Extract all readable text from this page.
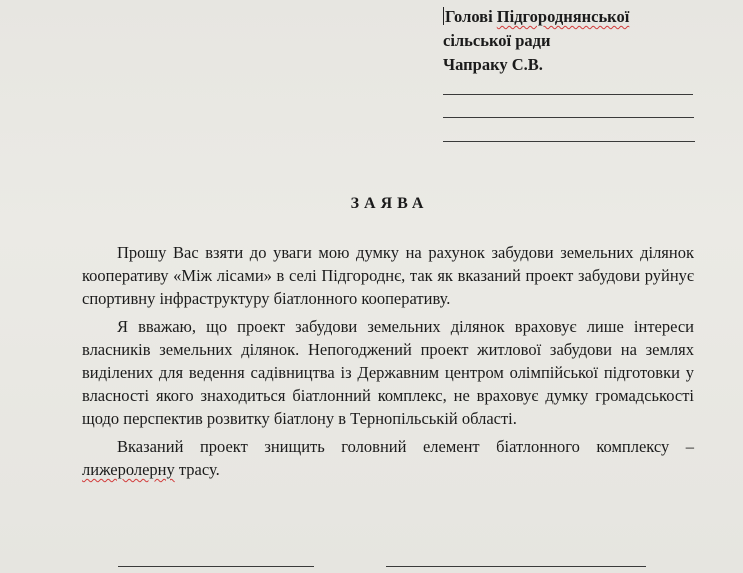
Голові Підгороднянської
сільської ради
Чапраку С.В.
ЗАЯВА

Прошу Вас взяти до уваги мою думку на рахунок забудови земельних ділянок кооперативу «Між лісами» в селі Підгороднє, так як вказаний проект забудови руйнує спортивну інфраструктуру біатлонного кооперативу.

Я вважаю, що проект забудови земельних ділянок враховує лише інтереси власників земельних ділянок. Непогоджений проект житлової забудови на землях виділених для ведення садівництва із Державним центром олімпійської підготовки у власності якого знаходиться біатлонний комплекс, не враховує думку громадськості щодо перспектив розвитку біатлону в Тернопільській області.

Вказаний проект знищить головний елемент біатлонного комплексу – лижеролерну трасу.
